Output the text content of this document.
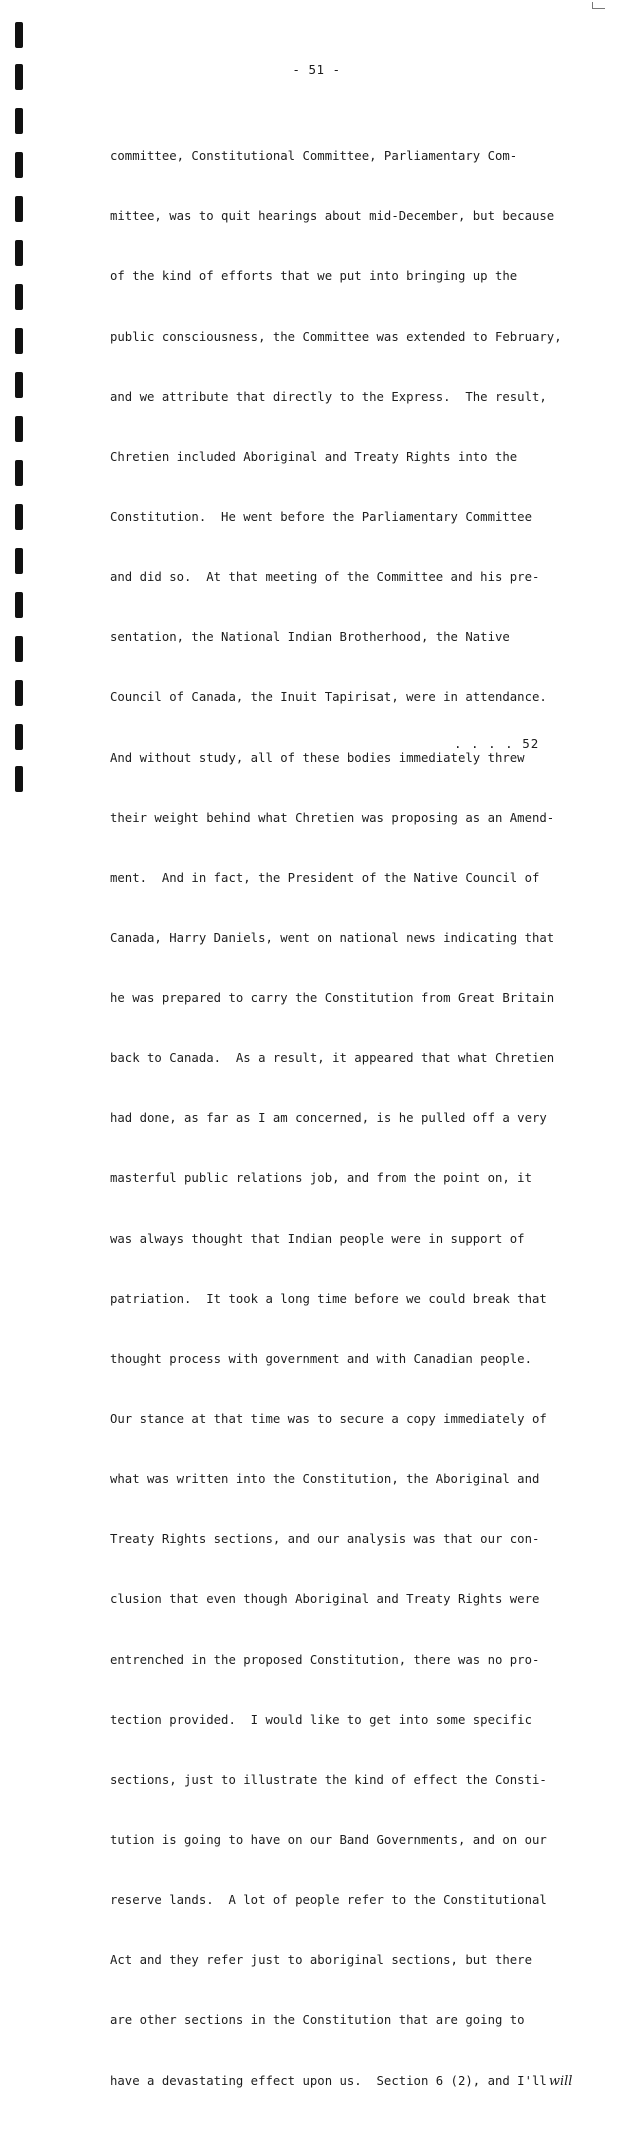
- 51 -

committee, Constitutional Committee, Parliamentary Com-

mittee, was to quit hearings about mid-December, but because

of the kind of efforts that we put into bringing up the

public consciousness, the Committee was extended to February,

and we attribute that directly to the Express.  The result,

Chretien included Aboriginal and Treaty Rights into the

Constitution.  He went before the Parliamentary Committee

and did so.  At that meeting of the Committee and his pre-

sentation, the National Indian Brotherhood, the Native

Council of Canada, the Inuit Tapirisat, were in attendance.

And without study, all of these bodies immediately threw

their weight behind what Chretien was proposing as an Amend-

ment.  And in fact, the President of the Native Council of

Canada, Harry Daniels, went on national news indicating that

he was prepared to carry the Constitution from Great Britain

back to Canada.  As a result, it appeared that what Chretien

had done, as far as I am concerned, is he pulled off a very

masterful public relations job, and from the point on, it

was always thought that Indian people were in support of

patriation.  It took a long time before we could break that

thought process with government and with Canadian people.

Our stance at that time was to secure a copy immediately of

what was written into the Constitution, the Aboriginal and

Treaty Rights sections, and our analysis was that our con-

clusion that even though Aboriginal and Treaty Rights were

entrenched in the proposed Constitution, there was no pro-

tection provided.  I would like to get into some specific

sections, just to illustrate the kind of effect the Consti-

tution is going to have on our Band Governments, and on our

reserve lands.  A lot of people refer to the Constitutional

Act and they refer just to aboriginal sections, but there

are other sections in the Constitution that are going to

have a devastating effect upon us.  Section 6 (2), and I'll will

. . . . 52
